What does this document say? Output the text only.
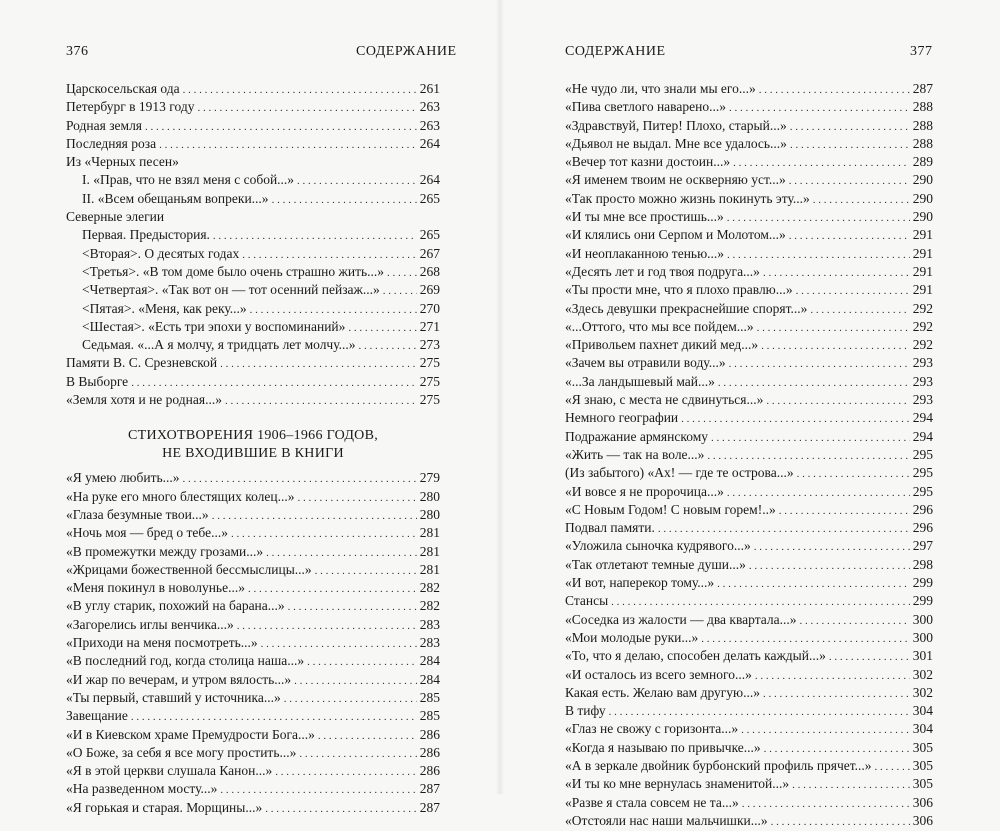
376	СОДЕРЖАНИЕ
Царскосельская ода . . .	261
Петербург в 1913 году . . .	263
Родная земля . . .	263
Последняя роза . . .	264
Из «Черных песен»
I. «Прав, что не взял меня с собой...» . . .	264
II. «Всем обещаньям вопреки...» . . .	265
Северные элегии
Первая. Предыстория. . . .	265
<Вторая>. О десятых годах . . .	267
<Третья>. «В том доме было очень страшно жить...» . . .	268
<Четвертая>. «Так вот он — тот осенний пейзаж...» . . .	269
<Пятая>. «Меня, как реку...» . . .	270
<Шестая>. «Есть три эпохи у воспоминаний» . . .	271
Седьмая. «...А я молчу, я тридцать лет молчу...» . . .	273
Памяти В. С. Срезневской . . .	275
В Выборге . . .	275
«Земля хотя и не родная...» . . .	275
СТИХОТВОРЕНИЯ 1906–1966 ГОДОВ,
НЕ ВХОДИВШИЕ В КНИГИ
«Я умею любить...» . . .	279
«На руке его много блестящих колец...» . . .	280
«Глаза безумные твои...» . . .	280
«Ночь моя — бред о тебе...» . . .	281
«В промежутки между грозами...» . . .	281
«Жрицами божественной бессмыслицы...» . . .	281
«Меня покинул в новолунье...» . . .	282
«В углу старик, похожий на барана...» . . .	282
«Загорелись иглы венчика...» . . .	283
«Приходи на меня посмотреть...» . . .	283
«В последний год, когда столица наша...» . . .	284
«И жар по вечерам, и утром вялость...» . . .	284
«Ты первый, ставший у источника...» . . .	285
Завещание . . .	285
«И в Киевском храме Премудрости Бога...» . . .	286
«О Боже, за себя я все могу простить...» . . .	286
«Я в этой церкви слушала Канон...» . . .	286
«На разведенном мосту...» . . .	287
«Я горькая и старая. Морщины...» . . .	287
СОДЕРЖАНИЕ	377
«Не чудо ли, что знали мы его...» . . .	287
«Пива светлого наварено...» . . .	288
«Здравствуй, Питер! Плохо, старый...» . . .	288
«Дьявол не выдал. Мне все удалось...» . . .	288
«Вечер тот казни достоин...» . . .	289
«Я именем твоим не оскверняю уст...» . . .	290
«Так просто можно жизнь покинуть эту...» . . .	290
«И ты мне все простишь...» . . .	290
«И клялись они Серпом и Молотом...» . . .	291
«И неоплаканною тенью...» . . .	291
«Десять лет и год твоя подруга...» . . .	291
«Ты прости мне, что я плохо правлю...» . . .	291
«Здесь девушки прекраснейшие спорят...» . . .	292
«...Оттого, что мы все пойдем...» . . .	292
«Привольем пахнет дикий мед...» . . .	292
«Зачем вы отравили воду...» . . .	293
«...За ландышевый май...» . . .	293
«Я знаю, с места не сдвинуться...» . . .	293
Немного географии . . .	294
Подражание армянскому . . .	294
«Жить — так на воле...» . . .	295
(Из забытого) «Ах! — где те острова...» . . .	295
«И вовсе я не пророчица...» . . .	295
«С Новым Годом! С новым горем!..» . . .	296
Подвал памяти. . . .	296
«Уложила сыночка кудрявого...» . . .	297
«Так отлетают темные души...» . . .	298
«И вот, наперекор тому...» . . .	299
Стансы . . .	299
«Соседка из жалости — два квартала...» . . .	300
«Мои молодые руки...» . . .	300
«То, что я делаю, способен делать каждый...» . . .	301
«И осталось из всего земного...» . . .	302
Какая есть. Желаю вам другую...» . . .	302
В тифу . . .	304
«Глаз не свожу с горизонта...» . . .	304
«Когда я называю по привычке...» . . .	305
«А в зеркале двойник бурбонский профиль прячет...» . . .	305
«И ты ко мне вернулась знаменитой...» . . .	305
«Разве я стала совсем не та...» . . .	306
«Отстояли нас наши мальчишки...» . . .	306
